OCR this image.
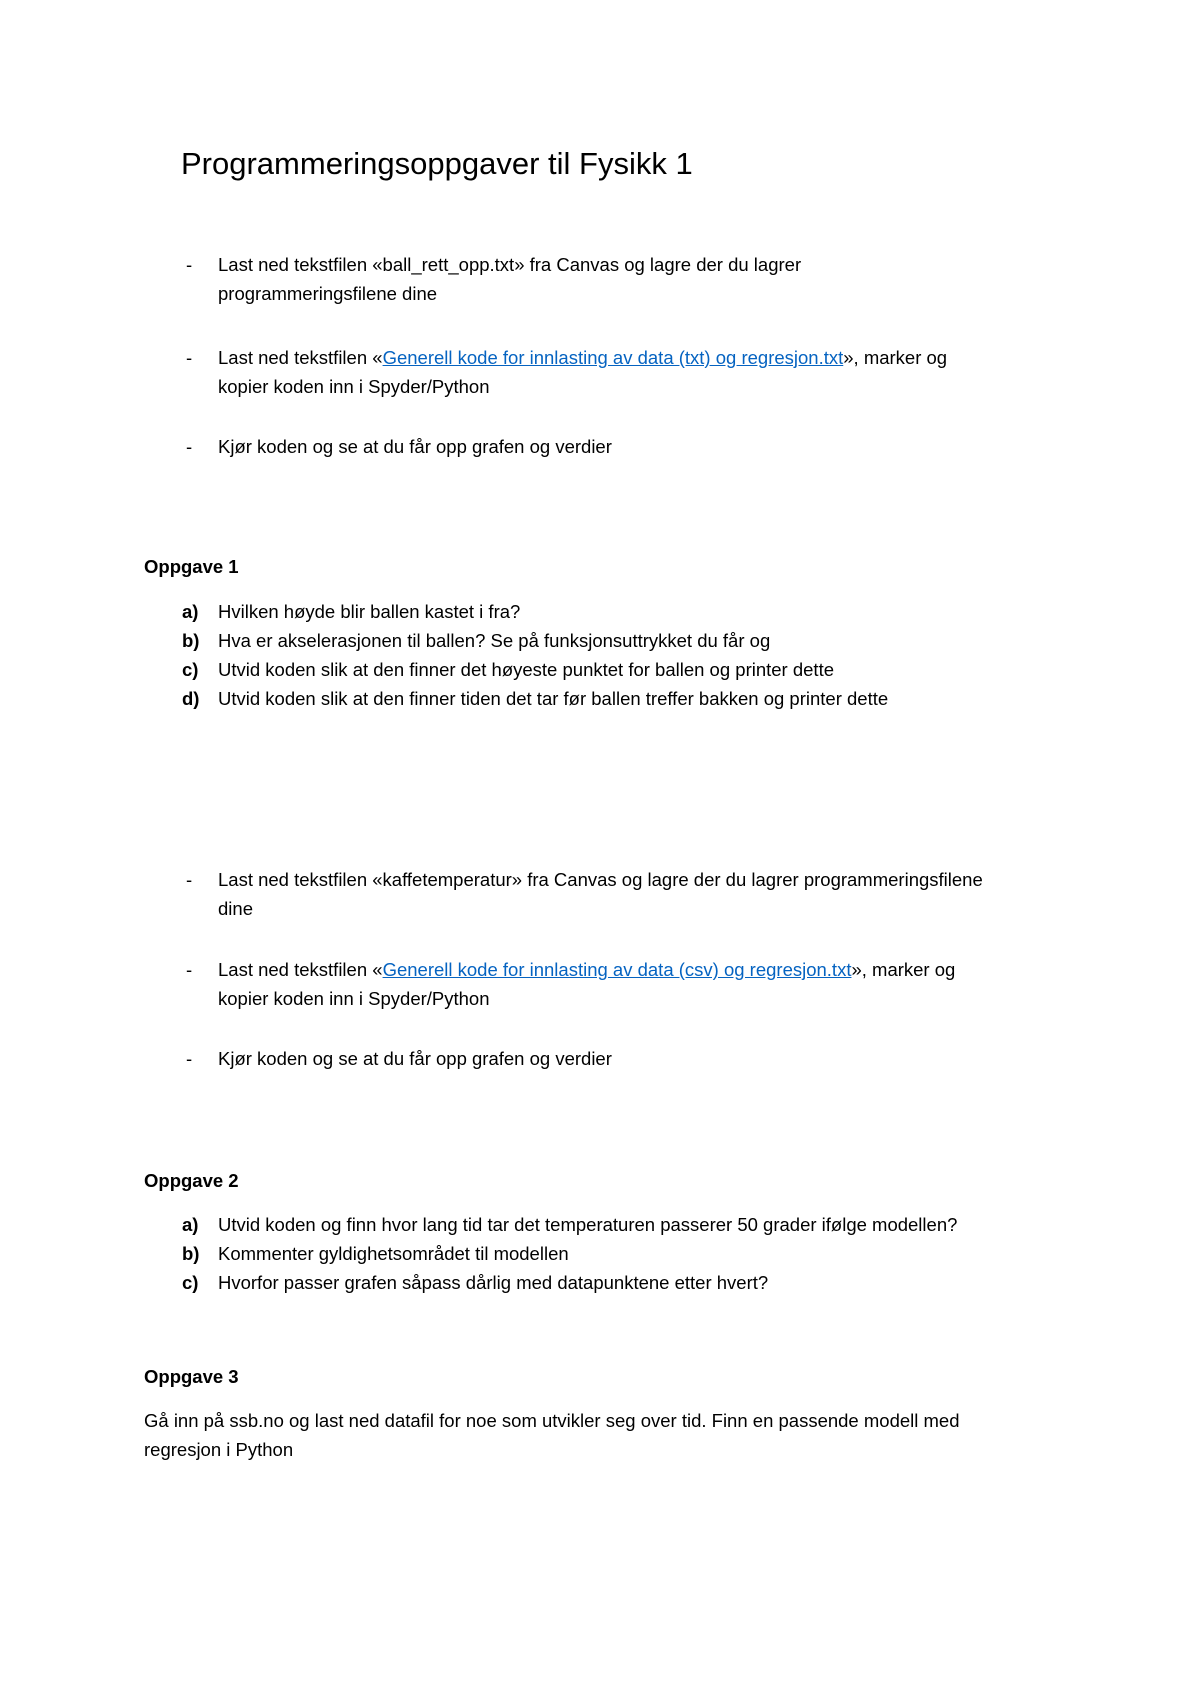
Programmeringsoppgaver til Fysikk 1
- Last ned tekstfilen «ball_rett_opp.txt» fra Canvas og lagre der du lagrer
programmeringsfilene dine
- Last ned tekstfilen «Generell kode for innlasting av data (txt) og regresjon.txt», marker og
kopier koden inn i Spyder/Python
- Kjør koden og se at du får opp grafen og verdier
Oppgave 1
a) Hvilken høyde blir ballen kastet i fra?
b) Hva er akselerasjonen til ballen? Se på funksjonsuttrykket du får og
c) Utvid koden slik at den finner det høyeste punktet for ballen og printer dette
d) Utvid koden slik at den finner tiden det tar før ballen treffer bakken og printer dette
- Last ned tekstfilen «kaffetemperatur» fra Canvas og lagre der du lagrer programmeringsfilene
dine
- Last ned tekstfilen «Generell kode for innlasting av data (csv) og regresjon.txt», marker og
kopier koden inn i Spyder/Python
- Kjør koden og se at du får opp grafen og verdier
Oppgave 2
a) Utvid koden og finn hvor lang tid tar det temperaturen passerer 50 grader ifølge modellen?
b) Kommenter gyldighetsområdet til modellen
c) Hvorfor passer grafen såpass dårlig med datapunktene etter hvert?
Oppgave 3
Gå inn på ssb.no og last ned datafil for noe som utvikler seg over tid. Finn en passende modell med
regresjon i Python
